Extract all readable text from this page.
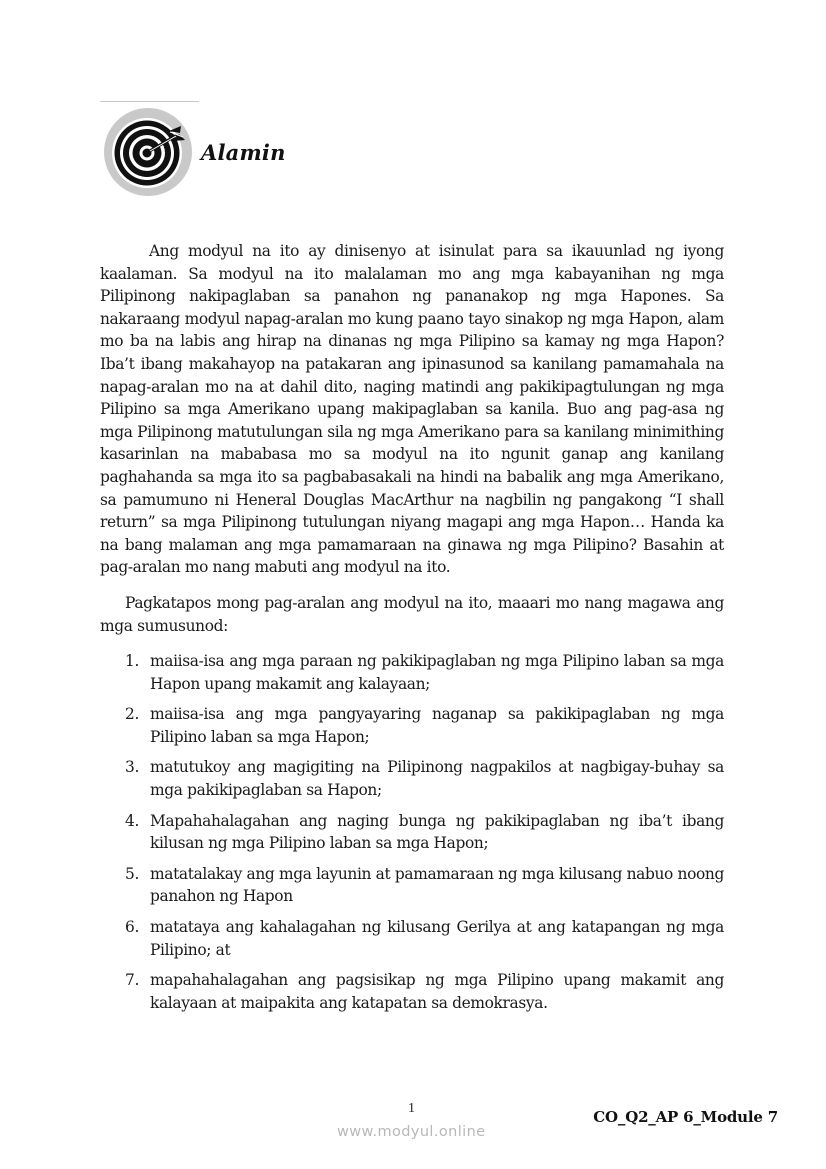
Alamin

Ang modyul na ito ay dinisenyo at isinulat para sa ikauunlad ng iyong kaalaman. Sa modyul na ito malalaman mo ang mga kabayanihan ng mga Pilipinong nakipaglaban sa panahon ng pananakop ng mga Hapones. Sa nakaraang modyul napag-aralan mo kung paano tayo sinakop ng mga Hapon, alam mo ba na labis ang hirap na dinanas ng mga Pilipino sa kamay ng mga Hapon? Iba’t ibang makahayop na patakaran ang ipinasunod sa kanilang pamamahala na napag-aralan mo na at dahil dito, naging matindi ang pakikipagtulungan ng mga Pilipino sa mga Amerikano upang makipaglaban sa kanila. Buo ang pag-asa ng mga Pilipinong matutulungan sila ng mga Amerikano para sa kanilang minimithing kasarinlan na mababasa mo sa modyul na ito ngunit ganap ang kanilang paghahanda sa mga ito sa pagbabasakali na hindi na babalik ang mga Amerikano, sa pamumuno ni Heneral Douglas MacArthur na nagbilin ng pangakong “I shall return” sa mga Pilipinong tutulungan niyang magapi ang mga Hapon… Handa ka na bang malaman ang mga pamamaraan na ginawa ng mga Pilipino? Basahin at pag-aralan mo nang mabuti ang modyul na ito.

Pagkatapos mong pag-aralan ang modyul na ito, maaari mo nang magawa ang mga sumusunod:

1. maiisa-isa ang mga paraan ng pakikipaglaban ng mga Pilipino laban sa mga Hapon upang makamit ang kalayaan;
2. maiisa-isa ang mga pangyayaring naganap sa pakikipaglaban ng mga Pilipino laban sa mga Hapon;
3. matutukoy ang magigiting na Pilipinong nagpakilos at nagbigay-buhay sa mga pakikipaglaban sa Hapon;
4. Mapahahalagahan ang naging bunga ng pakikipaglaban ng iba’t ibang kilusan ng mga Pilipino laban sa mga Hapon;
5. matatalakay ang mga layunin at pamamaraan ng mga kilusang nabuo noong panahon ng Hapon
6. matataya ang kahalagahan ng kilusang Gerilya at ang katapangan ng mga Pilipino; at
7. mapahahalagahan ang pagsisikap ng mga Pilipino upang makamit ang kalayaan at maipakita ang katapatan sa demokrasya.
1	CO_Q2_AP 6_Module 7
www.modyul.online
